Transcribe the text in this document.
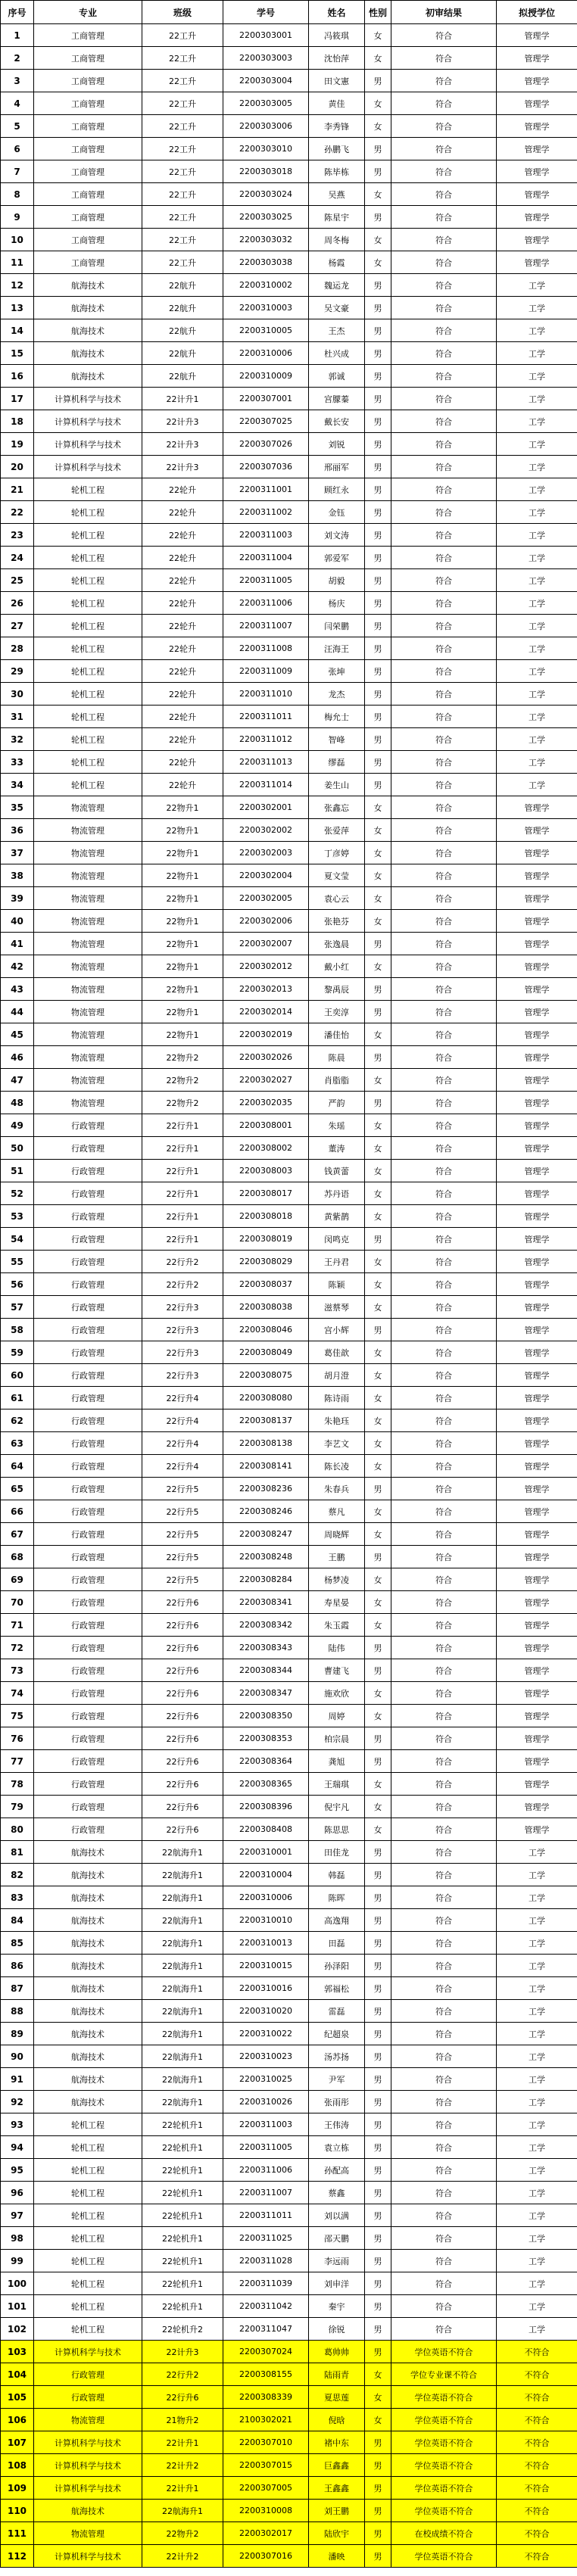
序号	专业	班级	学号	姓名	性别	初审结果	拟授学位
1	工商管理	22工升	2200303001	冯筱琪	女	符合	管理学
2	工商管理	22工升	2200303003	沈怡萍	女	符合	管理学
3	工商管理	22工升	2200303004	田文憲	男	符合	管理学
4	工商管理	22工升	2200303005	黄佳	女	符合	管理学
5	工商管理	22工升	2200303006	李秀锋	女	符合	管理学
6	工商管理	22工升	2200303010	孙鹏飞	男	符合	管理学
7	工商管理	22工升	2200303018	陈毕栋	男	符合	管理学
8	工商管理	22工升	2200303024	吴燕	女	符合	管理学
9	工商管理	22工升	2200303025	陈星宇	男	符合	管理学
10	工商管理	22工升	2200303032	周冬梅	女	符合	管理学
11	工商管理	22工升	2200303038	杨霞	女	符合	管理学
12	航海技术	22航升	2200310002	魏运龙	男	符合	工学
13	航海技术	22航升	2200310003	吴文豪	男	符合	工学
14	航海技术	22航升	2200310005	王杰	男	符合	工学
15	航海技术	22航升	2200310006	杜兴成	男	符合	工学
16	航海技术	22航升	2200310009	郭诚	男	符合	工学
17	计算机科学与技术	22计升1	2200307001	宫朦蓁	男	符合	工学
18	计算机科学与技术	22计升3	2200307025	戴长安	男	符合	工学
19	计算机科学与技术	22计升3	2200307026	刘锐	男	符合	工学
20	计算机科学与技术	22计升3	2200307036	邢丽军	男	符合	工学
21	轮机工程	22轮升	2200311001	顾红永	男	符合	工学
22	轮机工程	22轮升	2200311002	金钰	男	符合	工学
23	轮机工程	22轮升	2200311003	刘文涛	男	符合	工学
24	轮机工程	22轮升	2200311004	郭爱军	男	符合	工学
25	轮机工程	22轮升	2200311005	胡毅	男	符合	工学
26	轮机工程	22轮升	2200311006	杨庆	男	符合	工学
27	轮机工程	22轮升	2200311007	闫荣鹏	男	符合	工学
28	轮机工程	22轮升	2200311008	汪海王	男	符合	工学
29	轮机工程	22轮升	2200311009	张坤	男	符合	工学
30	轮机工程	22轮升	2200311010	龙杰	男	符合	工学
31	轮机工程	22轮升	2200311011	梅允士	男	符合	工学
32	轮机工程	22轮升	2200311012	智峰	男	符合	工学
33	轮机工程	22轮升	2200311013	缪磊	男	符合	工学
34	轮机工程	22轮升	2200311014	姜生山	男	符合	工学
35	物流管理	22物升1	2200302001	张鑫忘	女	符合	管理学
36	物流管理	22物升1	2200302002	张爱萍	女	符合	管理学
37	物流管理	22物升1	2200302003	丁彦婷	女	符合	管理学
38	物流管理	22物升1	2200302004	夏文莹	女	符合	管理学
39	物流管理	22物升1	2200302005	袁心云	女	符合	管理学
40	物流管理	22物升1	2200302006	张艳芬	女	符合	管理学
41	物流管理	22物升1	2200302007	张逸晨	男	符合	管理学
42	物流管理	22物升1	2200302012	戴小红	女	符合	管理学
43	物流管理	22物升1	2200302013	黎禹辰	男	符合	管理学
44	物流管理	22物升1	2200302014	王奕淳	男	符合	管理学
45	物流管理	22物升1	2200302019	潘佳怡	女	符合	管理学
46	物流管理	22物升2	2200302026	陈晨	男	符合	管理学
47	物流管理	22物升2	2200302027	肖脂脂	女	符合	管理学
48	物流管理	22物升2	2200302035	严韵	男	符合	管理学
49	行政管理	22行升1	2200308001	朱瑶	女	符合	管理学
50	行政管理	22行升1	2200308002	董涛	女	符合	管理学
51	行政管理	22行升1	2200308003	钱黄蕾	女	符合	管理学
52	行政管理	22行升1	2200308017	苏丹语	女	符合	管理学
53	行政管理	22行升1	2200308018	黄紫鹊	女	符合	管理学
54	行政管理	22行升1	2200308019	闵鸣克	男	符合	管理学
55	行政管理	22行升2	2200308029	王丹君	女	符合	管理学
56	行政管理	22行升2	2200308037	陈颖	女	符合	管理学
57	行政管理	22行升3	2200308038	滋蔡琴	女	符合	管理学
58	行政管理	22行升3	2200308046	宫小辉	男	符合	管理学
59	行政管理	22行升3	2200308049	葛佳歆	女	符合	管理学
60	行政管理	22行升3	2200308075	胡月澄	女	符合	管理学
61	行政管理	22行升4	2200308080	陈诗雨	女	符合	管理学
62	行政管理	22行升4	2200308137	朱艳珏	女	符合	管理学
63	行政管理	22行升4	2200308138	李艺文	女	符合	管理学
64	行政管理	22行升4	2200308141	陈长凌	女	符合	管理学
65	行政管理	22行升5	2200308236	朱春兵	男	符合	管理学
66	行政管理	22行升5	2200308246	蔡凡	女	符合	管理学
67	行政管理	22行升5	2200308247	周晓辉	女	符合	管理学
68	行政管理	22行升5	2200308248	王鹏	男	符合	管理学
69	行政管理	22行升5	2200308284	杨梦凌	女	符合	管理学
70	行政管理	22行升6	2200308341	寿星晏	女	符合	管理学
71	行政管理	22行升6	2200308342	朱玉霞	女	符合	管理学
72	行政管理	22行升6	2200308343	陆伟	男	符合	管理学
73	行政管理	22行升6	2200308344	曹建飞	男	符合	管理学
74	行政管理	22行升6	2200308347	施欢欣	女	符合	管理学
75	行政管理	22行升6	2200308350	周婷	女	符合	管理学
76	行政管理	22行升6	2200308353	柏宗晨	男	符合	管理学
77	行政管理	22行升6	2200308364	龚旭	男	符合	管理学
78	行政管理	22行升6	2200308365	王瑞琪	女	符合	管理学
79	行政管理	22行升6	2200308396	倪宇凡	女	符合	管理学
80	行政管理	22行升6	2200308408	陈思思	女	符合	管理学
81	航海技术	22航海升1	2200310001	田佳龙	男	符合	工学
82	航海技术	22航海升1	2200310004	韩磊	男	符合	工学
83	航海技术	22航海升1	2200310006	陈晖	男	符合	工学
84	航海技术	22航海升1	2200310010	高逸翔	男	符合	工学
85	航海技术	22航海升1	2200310013	田磊	男	符合	工学
86	航海技术	22航海升1	2200310015	孙泽阳	男	符合	工学
87	航海技术	22航海升1	2200310016	郭福松	男	符合	工学
88	航海技术	22航海升1	2200310020	雷磊	男	符合	工学
89	航海技术	22航海升1	2200310022	纪超泉	男	符合	工学
90	航海技术	22航海升1	2200310023	汤苏扬	男	符合	工学
91	航海技术	22航海升1	2200310025	尹军	男	符合	工学
92	航海技术	22航海升1	2200310026	张雨彤	男	符合	工学
93	轮机工程	22轮机升1	2200311003	王伟涛	男	符合	工学
94	轮机工程	22轮机升1	2200311005	袁立栋	男	符合	工学
95	轮机工程	22轮机升1	2200311006	孙配高	男	符合	工学
96	轮机工程	22轮机升1	2200311007	蔡鑫	男	符合	工学
97	轮机工程	22轮机升1	2200311011	刘以满	男	符合	工学
98	轮机工程	22轮机升1	2200311025	邵天鹏	男	符合	工学
99	轮机工程	22轮机升1	2200311028	李远雨	男	符合	工学
100	轮机工程	22轮机升1	2200311039	刘申洋	男	符合	工学
101	轮机工程	22轮机升1	2200311042	秦宇	男	符合	工学
102	轮机工程	22轮机升2	2200311047	徐锐	男	符合	工学
103	计算机科学与技术	22计升3	2200307024	葛帅帅	男	学位英语不符合	不符合
104	行政管理	22行升2	2200308155	陆雨青	女	学位专业课不符合	不符合
105	行政管理	22行升6	2200308339	夏思莲	女	学位英语不符合	不符合
106	物流管理	21物升2	2100302021	倪晗	女	学位英语不符合	不符合
107	计算机科学与技术	22计升1	2200307010	褚中东	男	学位英语不符合	不符合
108	计算机科学与技术	22计升2	2200307015	巨鑫鑫	男	学位英语不符合	不符合
109	计算机科学与技术	22计升1	2200307005	王鑫鑫	男	学位英语不符合	不符合
110	航海技术	22航海升1	2200310008	刘王鹏	男	学位英语不符合	不符合
111	物流管理	22物升2	2200302017	陆欣宇	男	在校成绩不符合	不符合
112	计算机科学与技术	22计升2	2200307016	潘映	男	学位英语不符合	不符合
